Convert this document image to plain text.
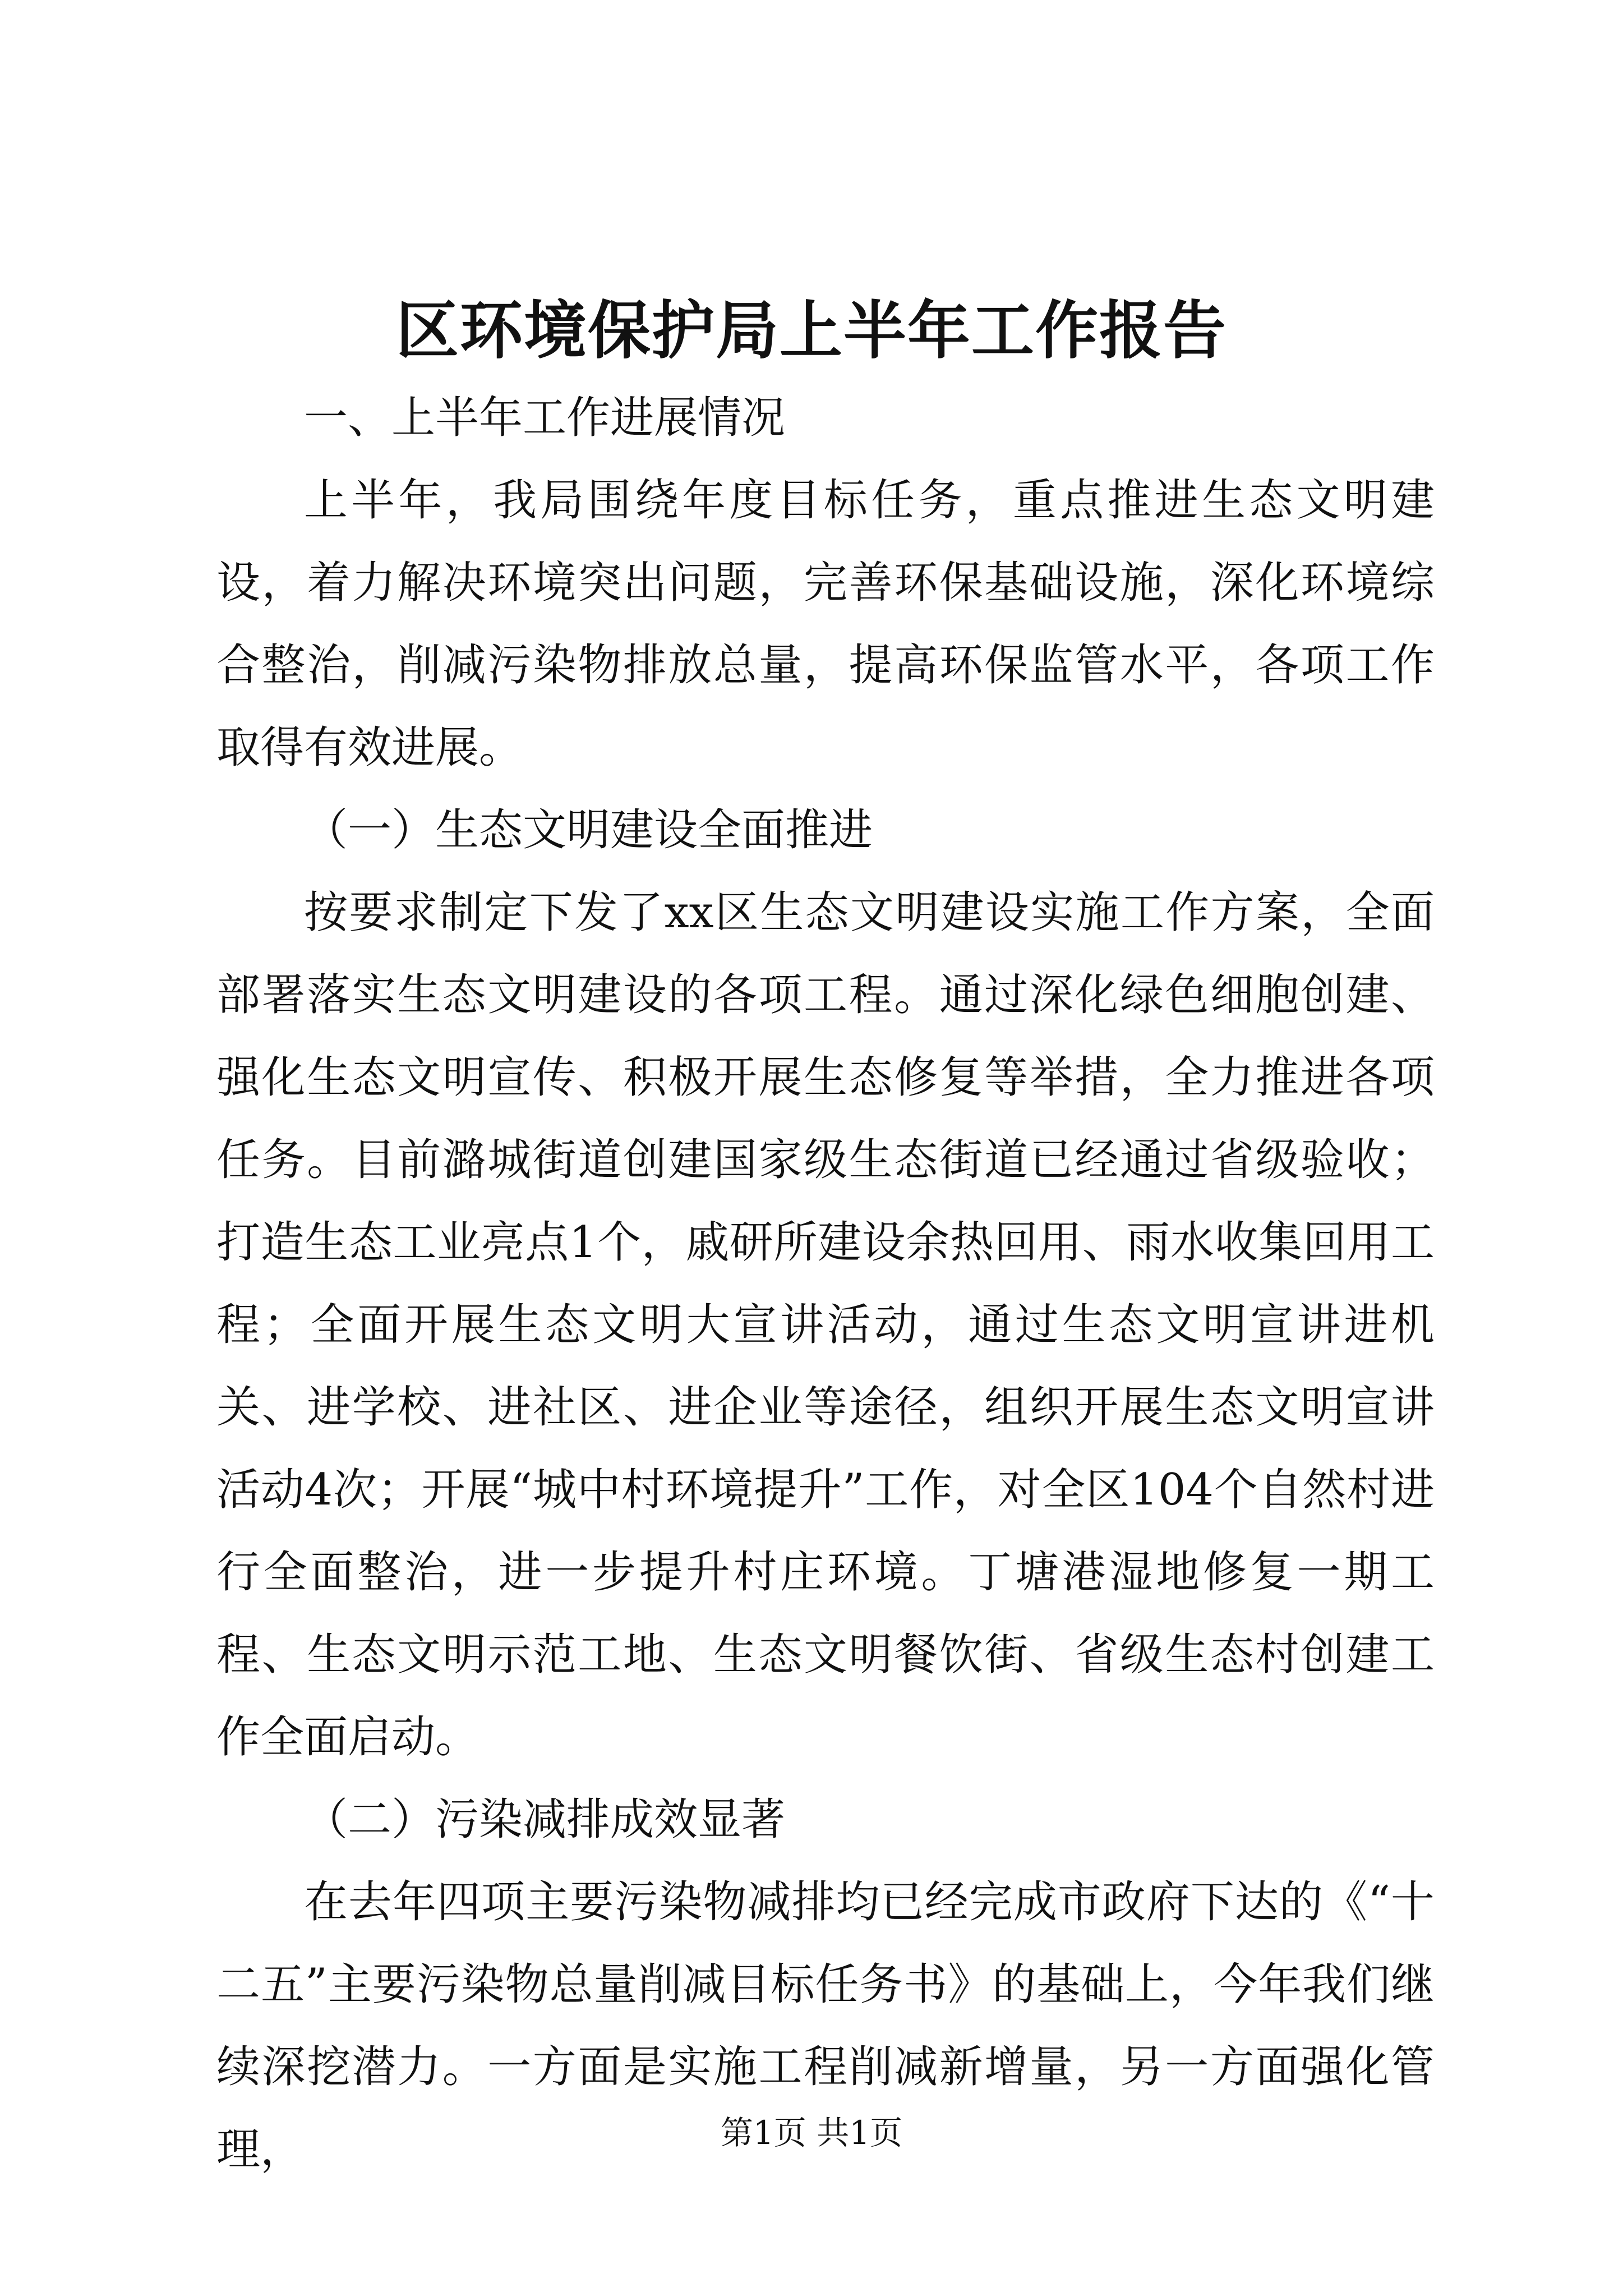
区环境保护局上半年工作报告

一、上半年工作进展情况

上半年，我局围绕年度目标任务，重点推进生态文明建设，着力解决环境突出问题，完善环保基础设施，深化环境综合整治，削减污染物排放总量，提高环保监管水平，各项工作取得有效进展。

（一）生态文明建设全面推进

按要求制定下发了xx区生态文明建设实施工作方案，全面部署落实生态文明建设的各项工程。通过深化绿色细胞创建、强化生态文明宣传、积极开展生态修复等举措，全力推进各项任务。目前潞城街道创建国家级生态街道已经通过省级验收；打造生态工业亮点1个，戚研所建设余热回用、雨水收集回用工程；全面开展生态文明大宣讲活动，通过生态文明宣讲进机关、进学校、进社区、进企业等途径，组织开展生态文明宣讲活动4次；开展“城中村环境提升”工作，对全区104个自然村进行全面整治，进一步提升村庄环境。丁塘港湿地修复一期工程、生态文明示范工地、生态文明餐饮街、省级生态村创建工作全面启动。

（二）污染减排成效显著

在去年四项主要污染物减排均已经完成市政府下达的《“十二五”主要污染物总量削减目标任务书》的基础上，今年我们继续深挖潜力。一方面是实施工程削减新增量，另一方面强化管理，	第1页 共1页
